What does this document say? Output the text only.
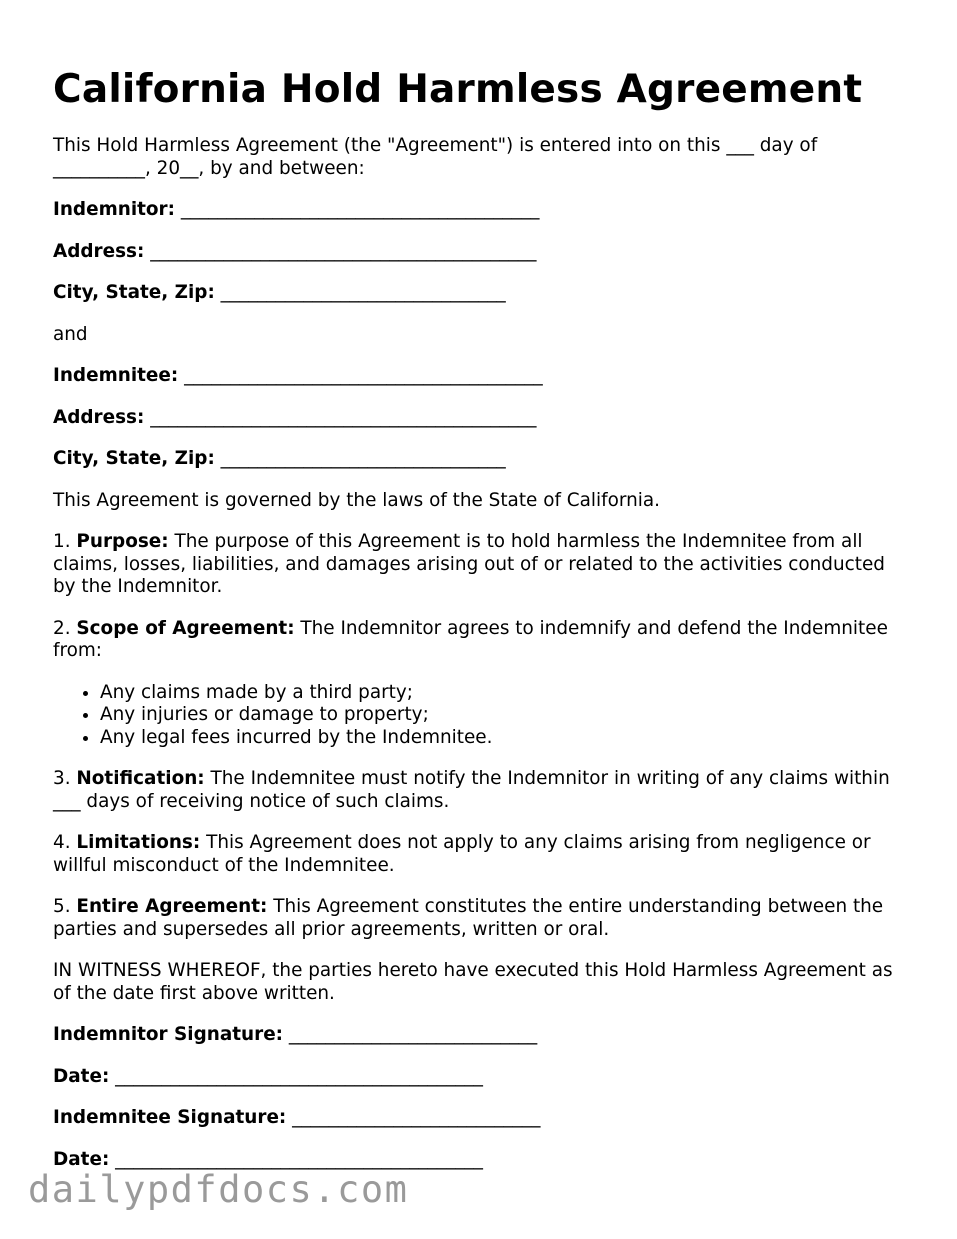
California Hold Harmless Agreement

This Hold Harmless Agreement (the "Agreement") is entered into on this ___ day of __________, 20__, by and between:

Indemnitor: _______________________________________

Address: __________________________________________

City, State, Zip: _______________________________

and

Indemnitee: _______________________________________

Address: __________________________________________

City, State, Zip: _______________________________

This Agreement is governed by the laws of the State of California.

1. Purpose: The purpose of this Agreement is to hold harmless the Indemnitee from all claims, losses, liabilities, and damages arising out of or related to the activities conducted by the Indemnitor.

2. Scope of Agreement: The Indemnitor agrees to indemnify and defend the Indemnitee from:

• Any claims made by a third party;
• Any injuries or damage to property;
• Any legal fees incurred by the Indemnitee.

3. Notification: The Indemnitee must notify the Indemnitor in writing of any claims within ___ days of receiving notice of such claims.

4. Limitations: This Agreement does not apply to any claims arising from negligence or willful misconduct of the Indemnitee.

5. Entire Agreement: This Agreement constitutes the entire understanding between the parties and supersedes all prior agreements, written or oral.

IN WITNESS WHEREOF, the parties hereto have executed this Hold Harmless Agreement as of the date first above written.

Indemnitor Signature: ___________________________

Date: ________________________________________

Indemnitee Signature: ___________________________

Date: ________________________________________

dailypdfdocs.com
